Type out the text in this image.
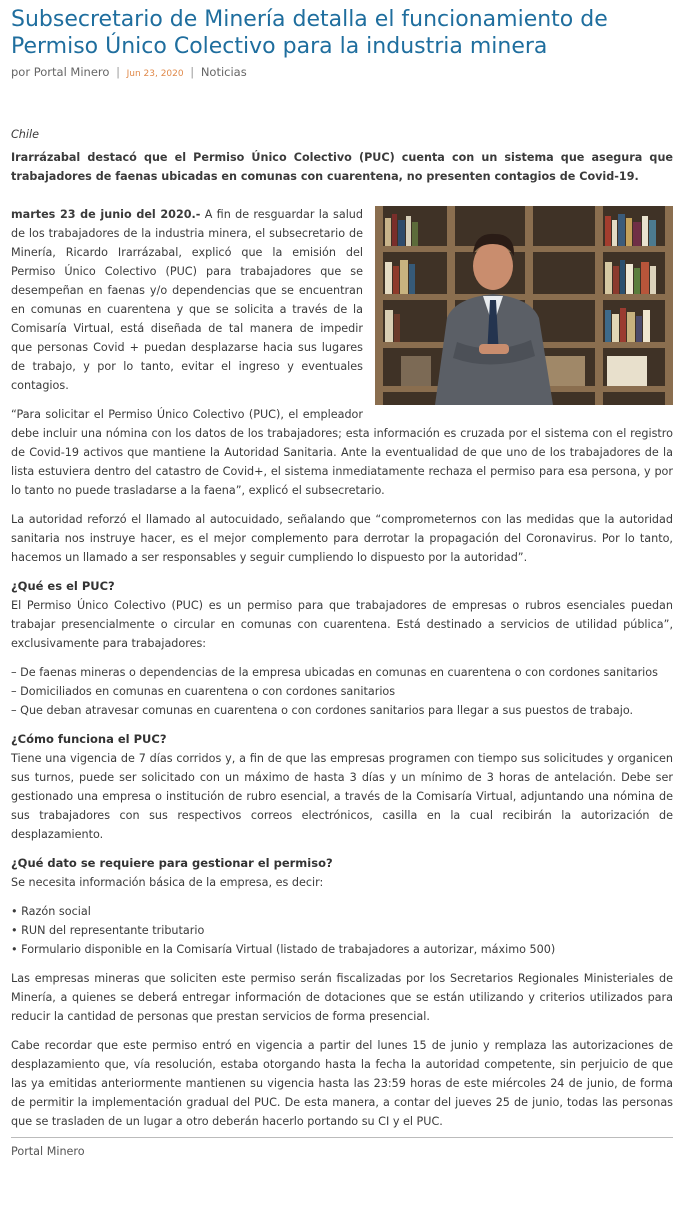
Subsecretario de Minería detalla el funcionamiento de Permiso Único Colectivo para la industria minera
por Portal Minero | Jun 23, 2020 | Noticias

Chile

Irarrázabal destacó que el Permiso Único Colectivo (PUC) cuenta con un sistema que asegura que trabajadores de faenas ubicadas en comunas con cuarentena, no presenten contagios de Covid-19.

martes 23 de junio del 2020.- A fin de resguardar la salud de los trabajadores de la industria minera, el subsecretario de Minería, Ricardo Irarrázabal, explicó que la emisión del Permiso Único Colectivo (PUC) para trabajadores que se desempeñan en faenas y/o dependencias que se encuentran en comunas en cuarentena y que se solicita a través de la Comisaría Virtual, está diseñada de tal manera de impedir que personas Covid + puedan desplazarse hacia sus lugares de trabajo, y por lo tanto, evitar el ingreso y eventuales contagios.

“Para solicitar el Permiso Único Colectivo (PUC), el empleador debe incluir una nómina con los datos de los trabajadores; esta información es cruzada por el sistema con el registro de Covid-19 activos que mantiene la Autoridad Sanitaria. Ante la eventualidad de que uno de los trabajadores de la lista estuviera dentro del catastro de Covid+, el sistema inmediatamente rechaza el permiso para esa persona, y por lo tanto no puede trasladarse a la faena”, explicó el subsecretario.

La autoridad reforzó el llamado al autocuidado, señalando que “comprometernos con las medidas que la autoridad sanitaria nos instruye hacer, es el mejor complemento para derrotar la propagación del Coronavirus. Por lo tanto, hacemos un llamado a ser responsables y seguir cumpliendo lo dispuesto por la autoridad”.

¿Qué es el PUC?

El Permiso Único Colectivo (PUC) es un permiso para que trabajadores de empresas o rubros esenciales puedan trabajar presencialmente o circular en comunas con cuarentena. Está destinado a servicios de utilidad pública”, exclusivamente para trabajadores:

– De faenas mineras o dependencias de la empresa ubicadas en comunas en cuarentena o con cordones sanitarios
– Domiciliados en comunas en cuarentena o con cordones sanitarios
– Que deban atravesar comunas en cuarentena o con cordones sanitarios para llegar a sus puestos de trabajo.
¿Cómo funciona el PUC?

Tiene una vigencia de 7 días corridos y, a fin de que las empresas programen con tiempo sus solicitudes y organicen sus turnos, puede ser solicitado con un máximo de hasta 3 días y un mínimo de 3 horas de antelación. Debe ser gestionado una empresa o institución de rubro esencial, a través de la Comisaría Virtual, adjuntando una nómina de sus trabajadores con sus respectivos correos electrónicos, casilla en la cual recibirán la autorización de desplazamiento.

¿Qué dato se requiere para gestionar el permiso?

Se necesita información básica de la empresa, es decir:

• Razón social
• RUN del representante tributario
• Formulario disponible en la Comisaría Virtual (listado de trabajadores a autorizar, máximo 500)

Las empresas mineras que soliciten este permiso serán fiscalizadas por los Secretarios Regionales Ministeriales de Minería, a quienes se deberá entregar información de dotaciones que se están utilizando y criterios utilizados para reducir la cantidad de personas que prestan servicios de forma presencial.

Cabe recordar que este permiso entró en vigencia a partir del lunes 15 de junio y remplaza las autorizaciones de desplazamiento que, vía resolución, estaba otorgando hasta la fecha la autoridad competente, sin perjuicio de que las ya emitidas anteriormente mantienen su vigencia hasta las 23:59 horas de este miércoles 24 de junio, de forma de permitir la implementación gradual del PUC. De esta manera, a contar del jueves 25 de junio, todas las personas que se trasladen de un lugar a otro deberán hacerlo portando su CI y el PUC.

Portal Minero
